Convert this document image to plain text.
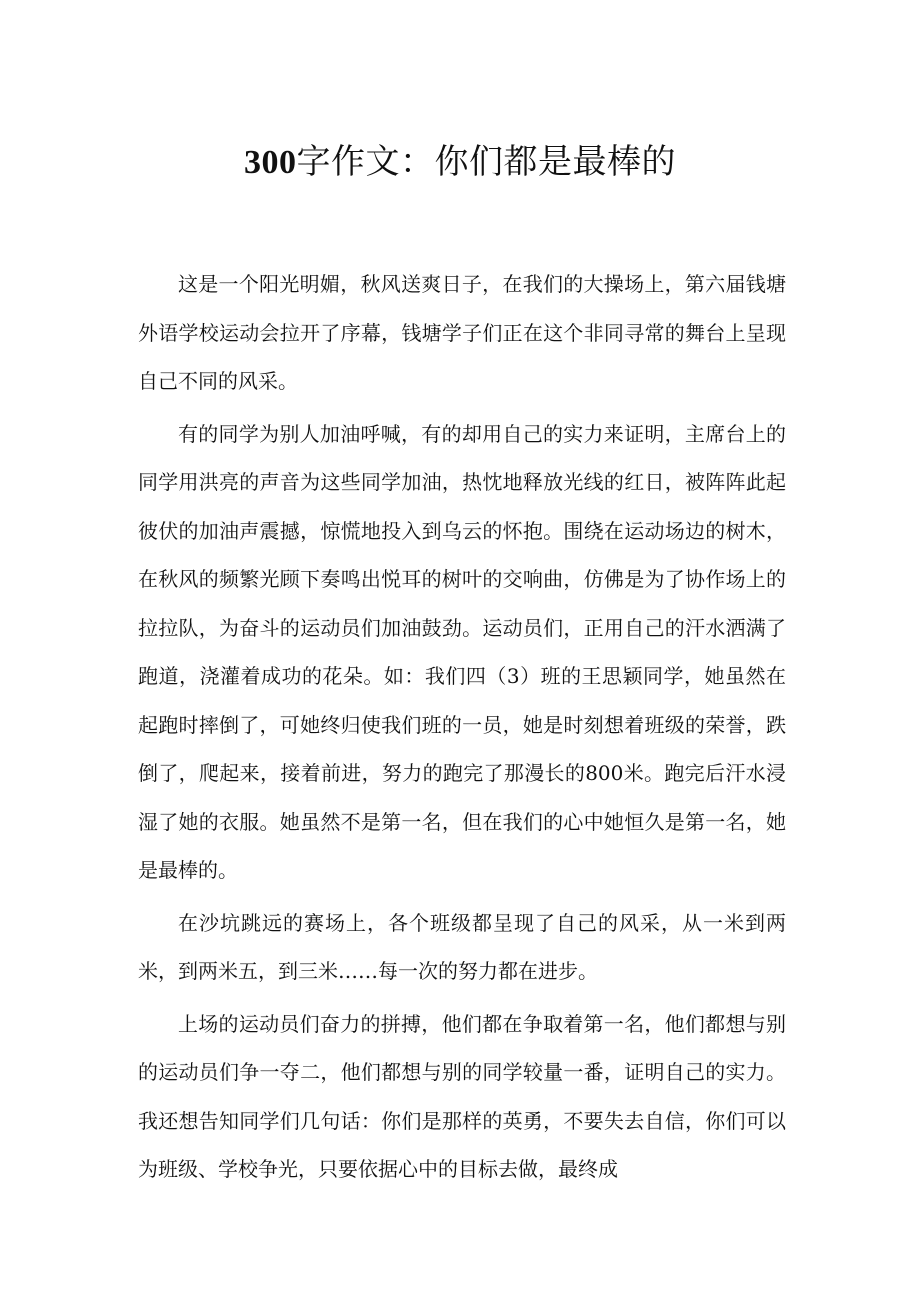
300字作文：你们都是最棒的

这是一个阳光明媚，秋风送爽日子，在我们的大操场上，第六届钱塘外语学校运动会拉开了序幕，钱塘学子们正在这个非同寻常的舞台上呈现自己不同的风采。

有的同学为别人加油呼喊，有的却用自己的实力来证明，主席台上的同学用洪亮的声音为这些同学加油，热忱地释放光线的红日，被阵阵此起彼伏的加油声震撼，惊慌地投入到乌云的怀抱。围绕在运动场边的树木，在秋风的频繁光顾下奏鸣出悦耳的树叶的交响曲，仿佛是为了协作场上的拉拉队，为奋斗的运动员们加油鼓劲。运动员们，正用自己的汗水洒满了跑道，浇灌着成功的花朵。如：我们四（3）班的王思颖同学，她虽然在起跑时摔倒了，可她终归使我们班的一员，她是时刻想着班级的荣誉，跌倒了，爬起来，接着前进，努力的跑完了那漫长的800米。跑完后汗水浸湿了她的衣服。她虽然不是第一名，但在我们的心中她恒久是第一名，她是最棒的。

在沙坑跳远的赛场上，各个班级都呈现了自己的风采，从一米到两米，到两米五，到三米……每一次的努力都在进步。

上场的运动员们奋力的拼搏，他们都在争取着第一名，他们都想与别的运动员们争一夺二，他们都想与别的同学较量一番，证明自己的实力。我还想告知同学们几句话：你们是那样的英勇，不要失去自信，你们可以为班级、学校争光，只要依据心中的目标去做，最终成
